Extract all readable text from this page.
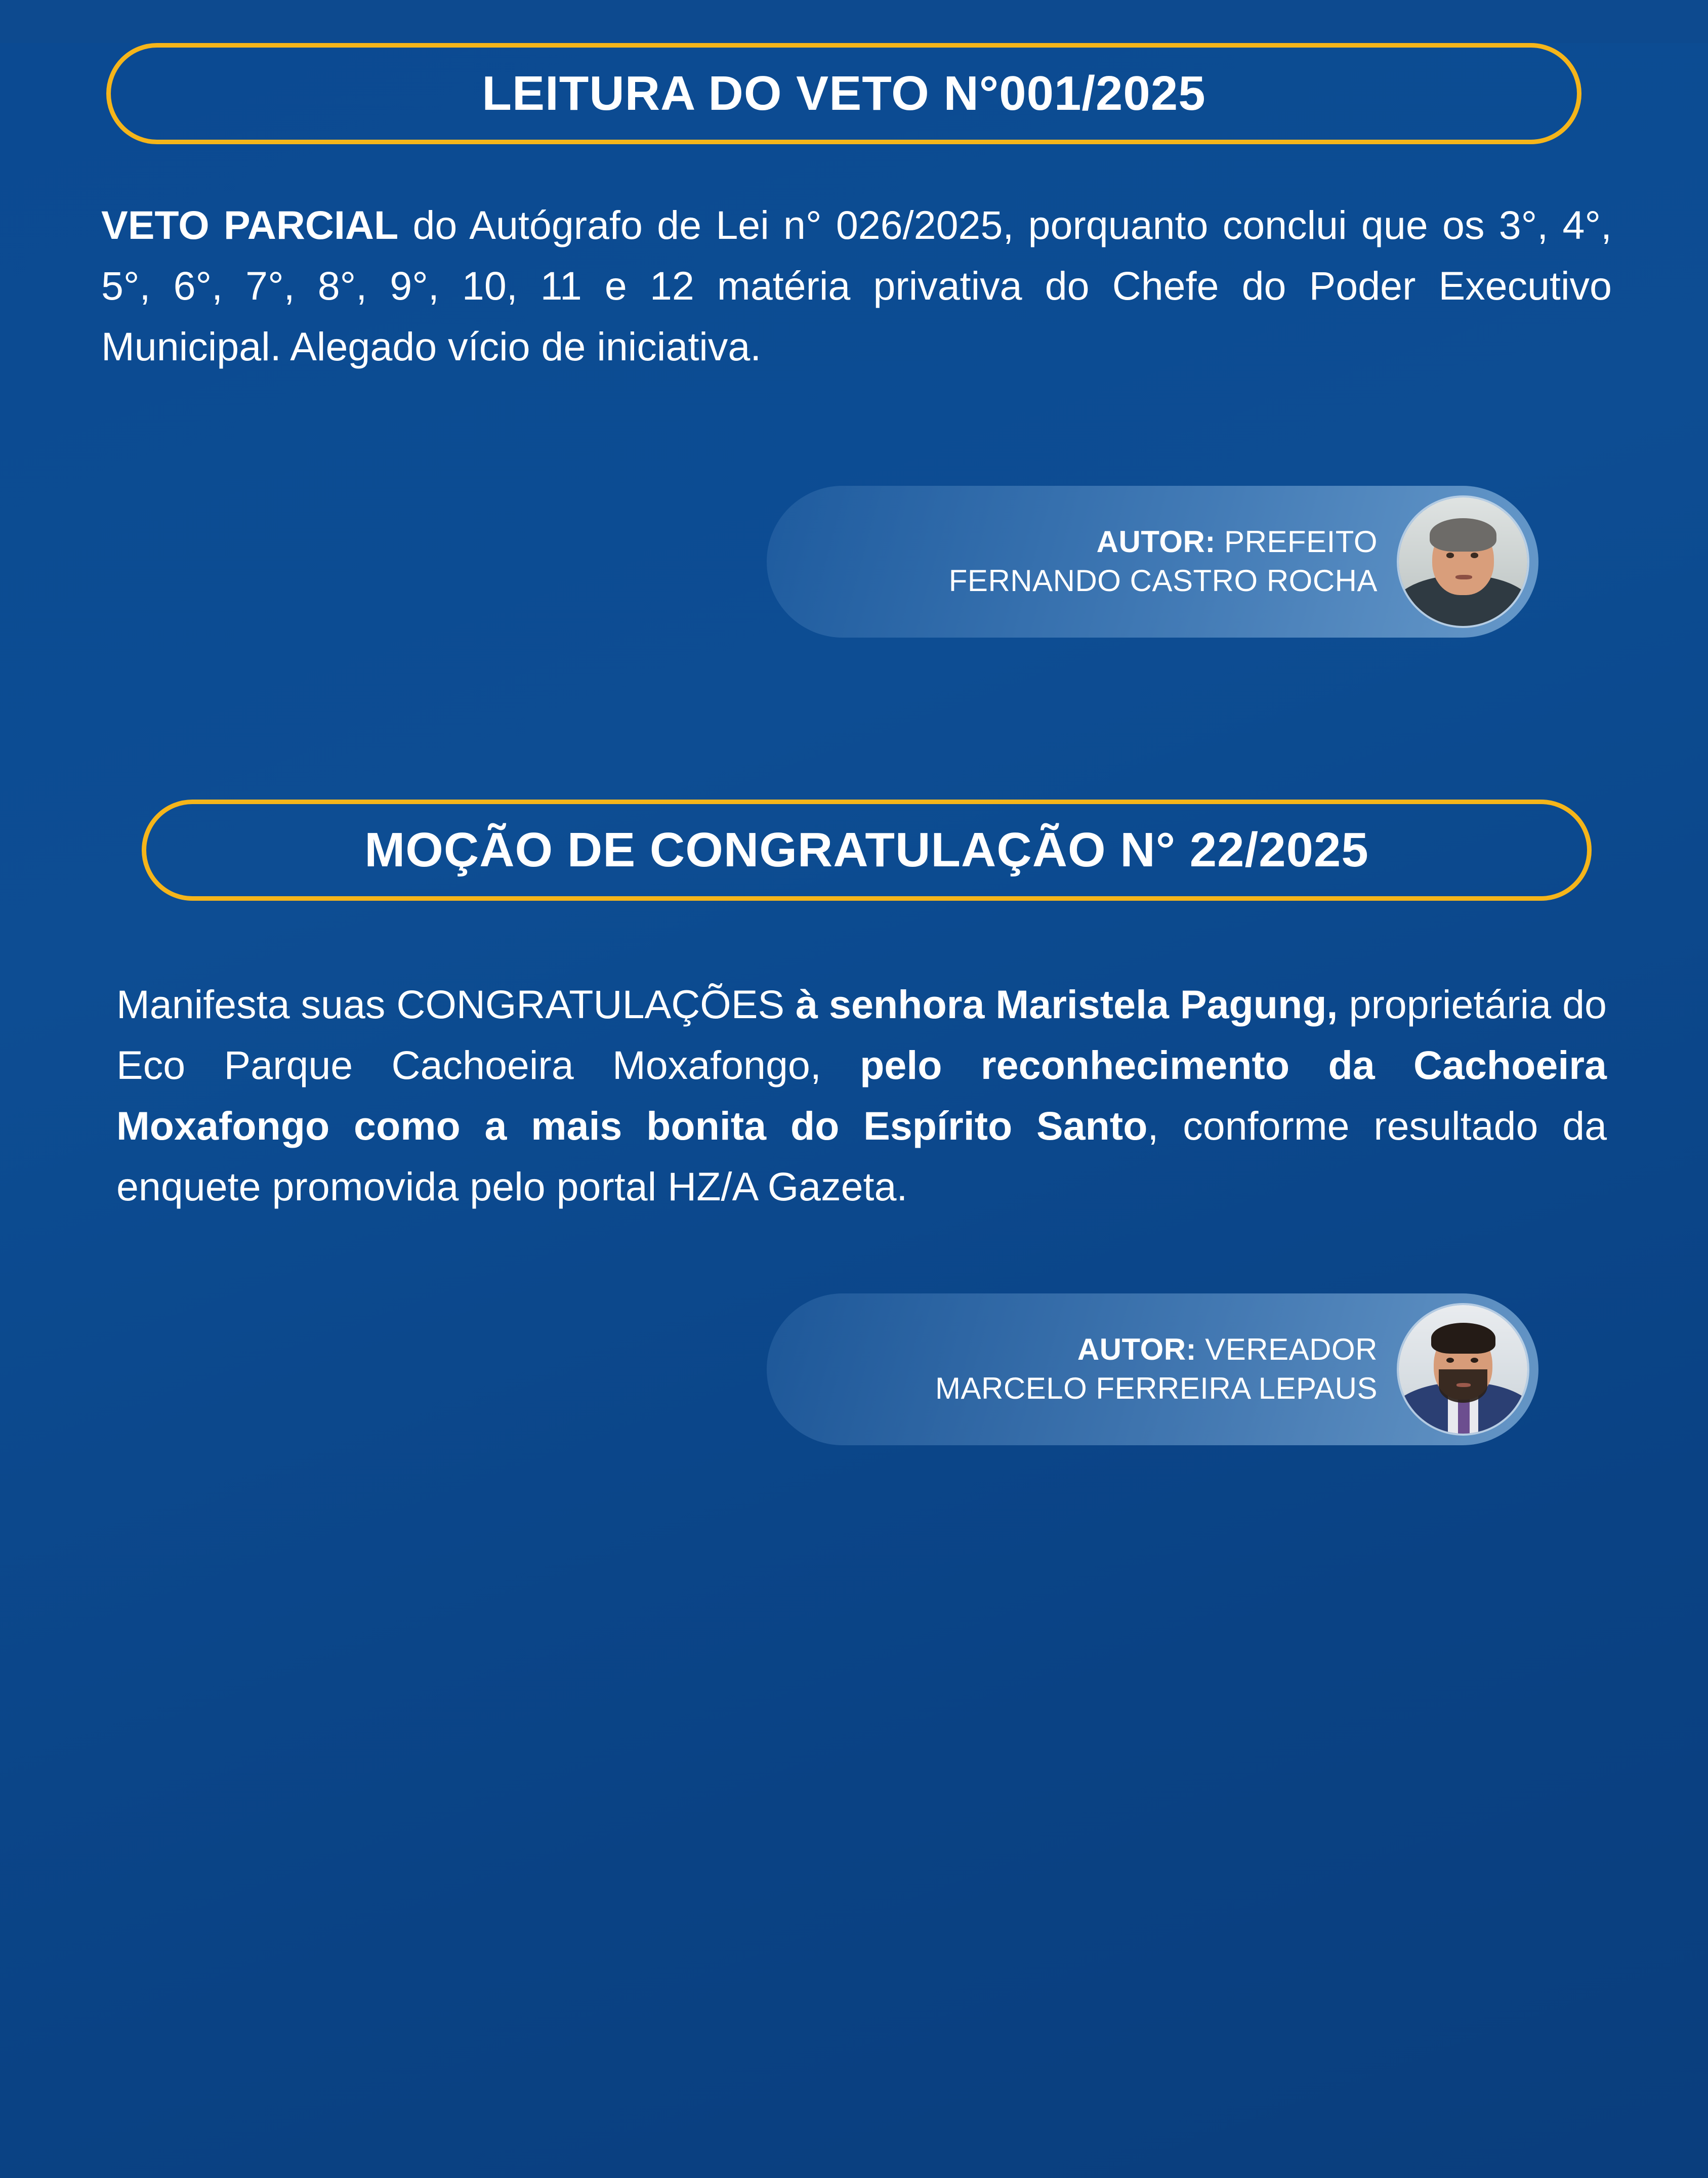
LEITURA DO VETO N°001/2025

VETO PARCIAL do Autógrafo de Lei n° 026/2025, porquanto conclui que os 3°, 4°, 5°, 6°, 7°, 8°, 9°, 10, 11 e 12 matéria privativa do Chefe do Poder Executivo Municipal. Alegado vício de iniciativa.

AUTOR: PREFEITO
FERNANDO CASTRO ROCHA
MOÇÃO DE CONGRATULAÇÃO N° 22/2025

Manifesta suas CONGRATULAÇÕES à senhora Maristela Pagung, proprietária do Eco Parque Cachoeira Moxafongo, pelo reconhecimento da Cachoeira Moxafongo como a mais bonita do Espírito Santo, conforme resultado da enquete promovida pelo portal HZ/A Gazeta.

AUTOR: VEREADOR
MARCELO FERREIRA LEPAUS
